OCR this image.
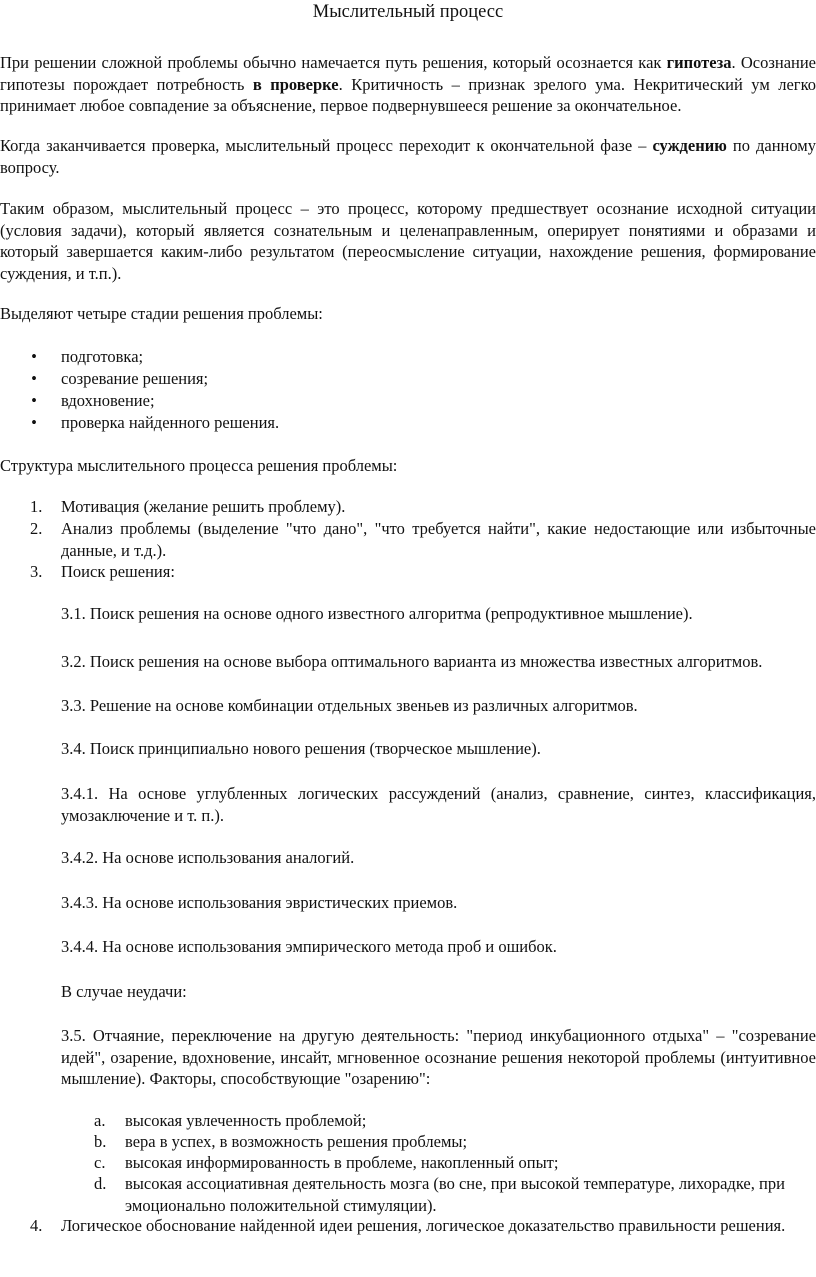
Мыслительный процесс

При решении сложной проблемы обычно намечается путь решения, который осознается как гипотеза. Осознание гипотезы порождает потребность в проверке. Критичность – признак зрелого ума. Некритический ум легко принимает любое совпадение за объяснение, первое подвернувшееся решение за окончательное.

Когда заканчивается проверка, мыслительный процесс переходит к окончательной фазе – суждению по данному вопросу.

Таким образом, мыслительный процесс – это процесс, которому предшествует осознание исходной ситуации (условия задачи), который является сознательным и целенаправленным, оперирует понятиями и образами и который завершается каким-либо результатом (переосмысление ситуации, нахождение решения, формирование суждения, и т.п.).

Выделяют четыре стадии решения проблемы:

• подготовка;
• созревание решения;
• вдохновение;
• проверка найденного решения.

Структура мыслительного процесса решения проблемы:

1. Мотивация (желание решить проблему).
2. Анализ проблемы (выделение "что дано", "что требуется найти", какие недостающие или избыточные данные, и т.д.).
3. Поиск решения:

3.1. Поиск решения на основе одного известного алгоритма (репродуктивное мышление).

3.2. Поиск решения на основе выбора оптимального варианта из множества известных алгоритмов.

3.3. Решение на основе комбинации отдельных звеньев из различных алгоритмов.

3.4. Поиск принципиально нового решения (творческое мышление).

3.4.1. На основе углубленных логических рассуждений (анализ, сравнение, синтез, классификация, умозаключение и т. п.).

3.4.2. На основе использования аналогий.

3.4.3. На основе использования эвристических приемов.

3.4.4. На основе использования эмпирического метода проб и ошибок.

В случае неудачи:

3.5. Отчаяние, переключение на другую деятельность: "период инкубационного отдыха" – "созревание идей", озарение, вдохновение, инсайт, мгновенное осознание решения некоторой проблемы (интуитивное мышление). Факторы, способствующие "озарению":

a. высокая увлеченность проблемой;
b. вера в успех, в возможность решения проблемы;
c. высокая информированность в проблеме, накопленный опыт;
d. высокая ассоциативная деятельность мозга (во сне, при высокой температуре, лихорадке, при эмоционально положительной стимуляции).
4. Логическое обоснование найденной идеи решения, логическое доказательство правильности решения.
